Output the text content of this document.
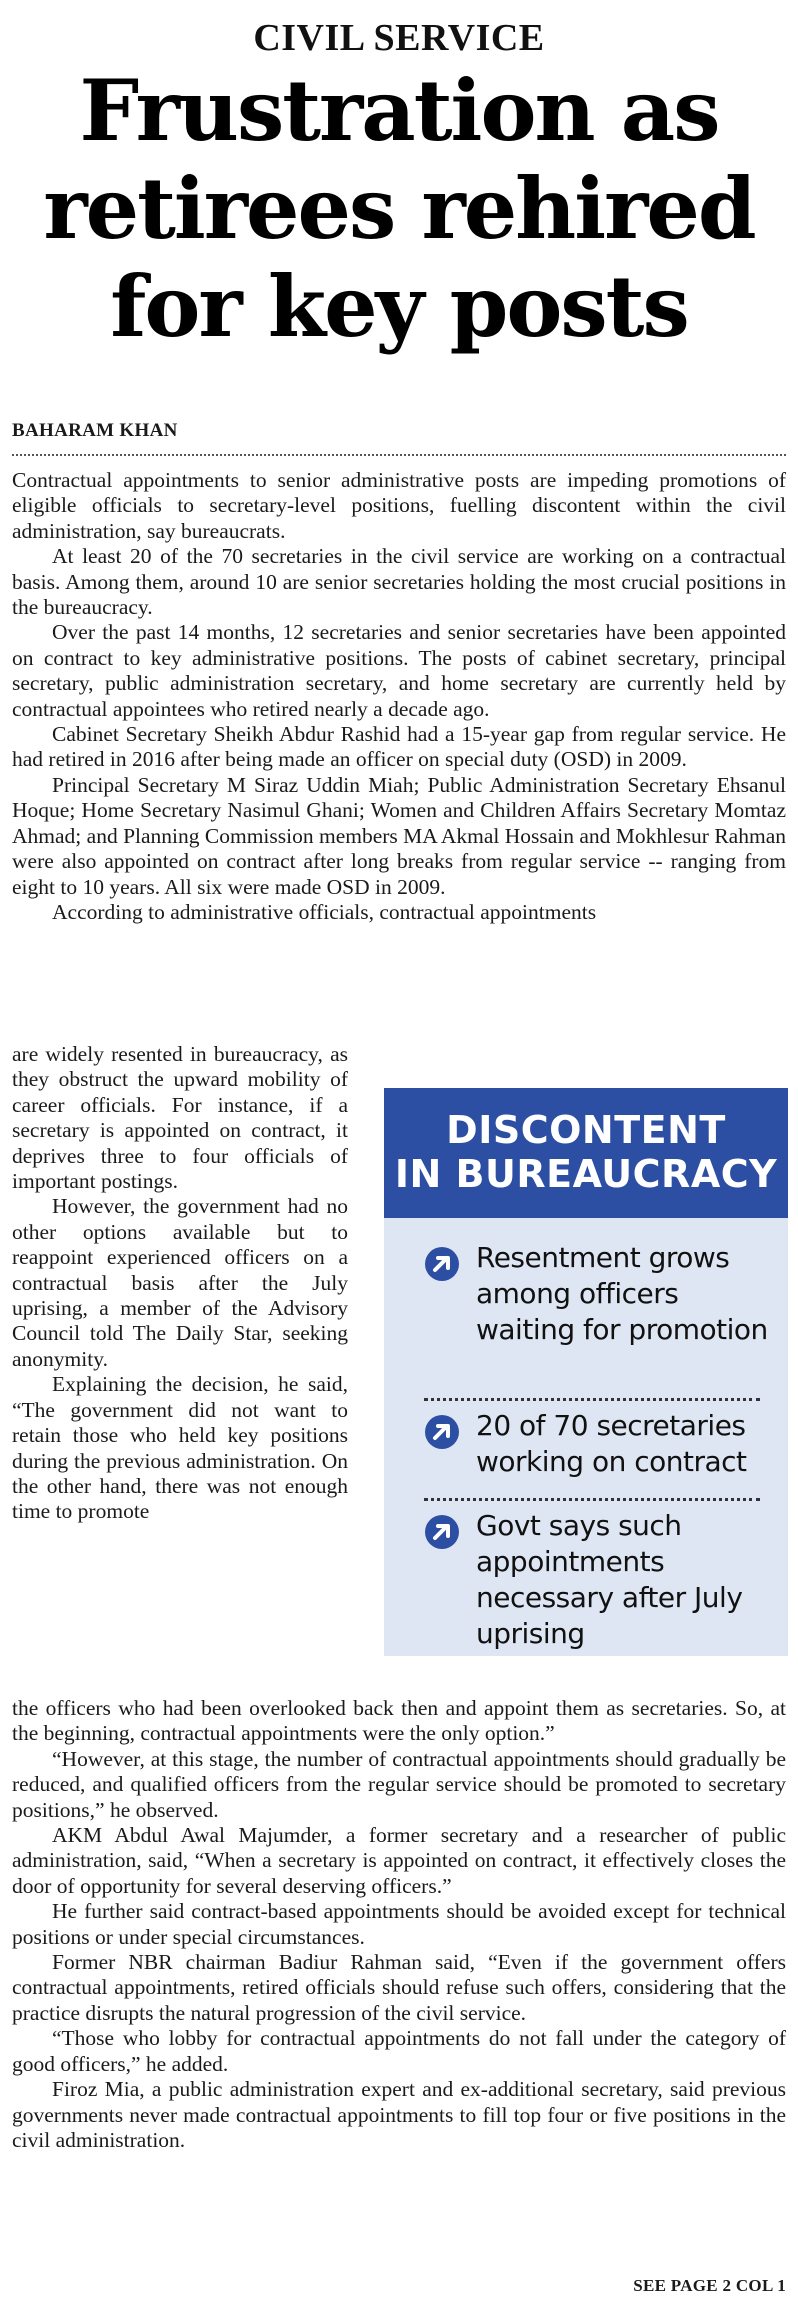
CIVIL SERVICE
Frustration as
retirees rehired
for key posts
BAHARAM KHAN

Contractual appointments to senior administrative posts are impeding promotions of eligible officials to secretary-level positions, fuelling discontent within the civil administration, say bureaucrats.

At least 20 of the 70 secretaries in the civil service are working on a contractual basis. Among them, around 10 are senior secretaries holding the most crucial positions in the bureaucracy.

Over the past 14 months, 12 secretaries and senior secretaries have been appointed on contract to key administrative positions. The posts of cabinet secretary, principal secretary, public administration secretary, and home secretary are currently held by contractual appointees who retired nearly a decade ago.

Cabinet Secretary Sheikh Abdur Rashid had a 15-year gap from regular service. He had retired in 2016 after being made an officer on special duty (OSD) in 2009.

Principal Secretary M Siraz Uddin Miah; Public Administration Secretary Ehsanul Hoque; Home Secretary Nasimul Ghani; Women and Children Affairs Secretary Momtaz Ahmad; and Planning Commission members MA Akmal Hossain and Mokhlesur Rahman were also appointed on contract after long breaks from regular service -- ranging from eight to 10 years. All six were made OSD in 2009.

According to administrative officials, contractual appointments

are widely resented in bureaucracy, as they obstruct the upward mobility of career officials. For instance, if a secretary is appointed on contract, it deprives three to four officials of important postings.

However, the government had no other options available but to reappoint experienced officers on a contractual basis after the July uprising, a member of the Advisory Council told The Daily Star, seeking anonymity.

Explaining the decision, he said, “The government did not want to retain those who held key positions during the previous administration. On the other hand, there was not enough time to promote

DISCONTENT
IN BUREAUCRACY
Resentment grows among officers waiting for promotion
20 of 70 secretaries working on contract
Govt says such appointments necessary after July uprising

the officers who had been overlooked back then and appoint them as secretaries. So, at the beginning, contractual appointments were the only option.”

“However, at this stage, the number of contractual appointments should gradually be reduced, and qualified officers from the regular service should be promoted to secretary positions,” he observed.

AKM Abdul Awal Majumder, a former secretary and a researcher of public administration, said, “When a secretary is appointed on contract, it effectively closes the door of opportunity for several deserving officers.”

He further said contract-based appointments should be avoided except for technical positions or under special circumstances.

Former NBR chairman Badiur Rahman said, “Even if the government offers contractual appointments, retired officials should refuse such offers, considering that the practice disrupts the natural progression of the civil service.

“Those who lobby for contractual appointments do not fall under the category of good officers,” he added.

Firoz Mia, a public administration expert and ex-additional secretary, said previous governments never made contractual appointments to fill top four or five positions in the civil administration.

SEE PAGE 2 COL 1
